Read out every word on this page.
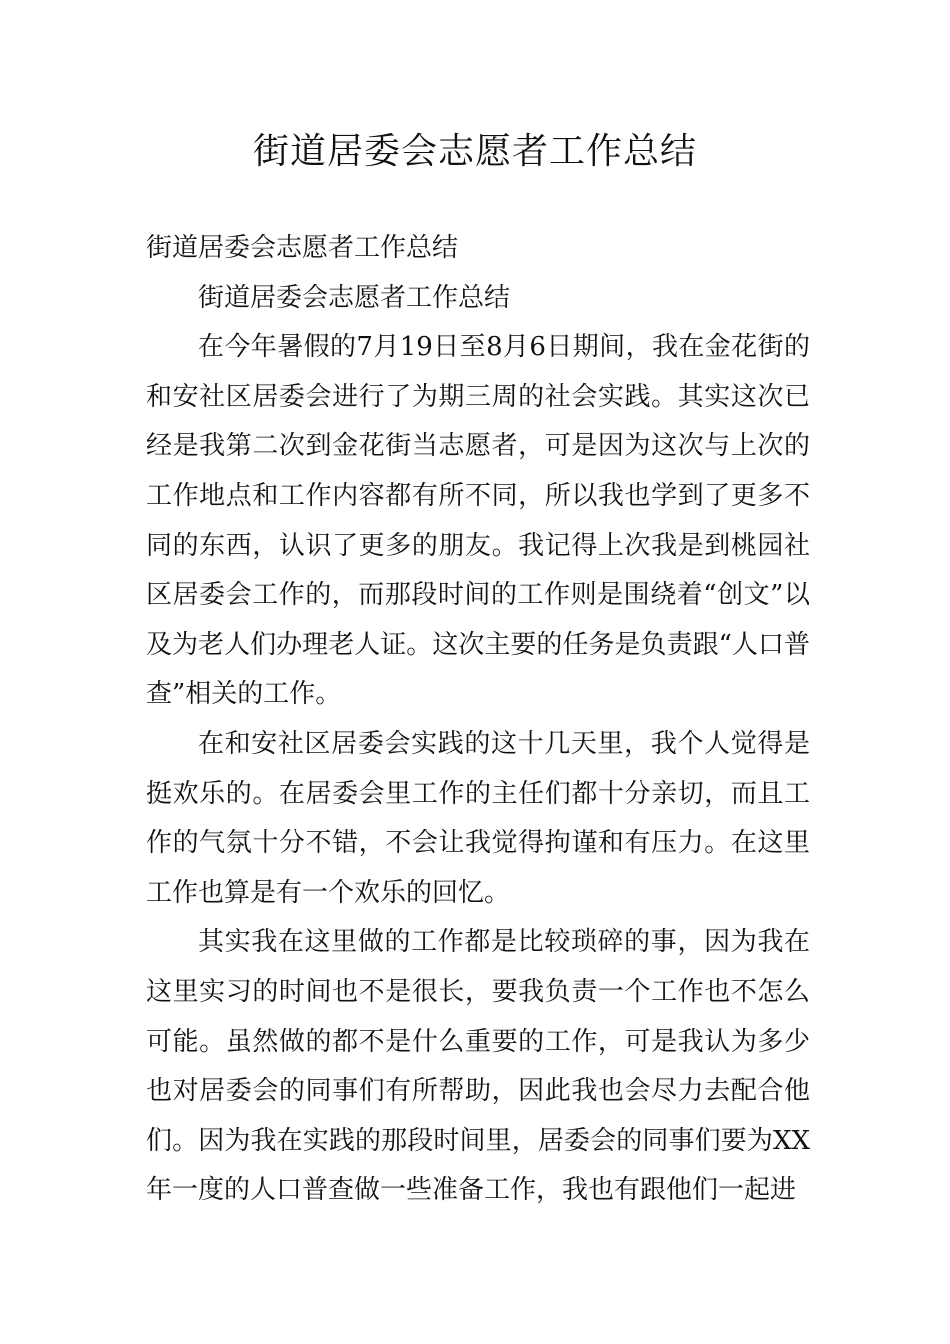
街道居委会志愿者工作总结

街道居委会志愿者工作总结

街道居委会志愿者工作总结

在今年暑假的7月19日至8月6日期间，我在金花街的和安社区居委会进行了为期三周的社会实践。其实这次已经是我第二次到金花街当志愿者，可是因为这次与上次的工作地点和工作内容都有所不同，所以我也学到了更多不同的东西，认识了更多的朋友。我记得上次我是到桃园社区居委会工作的，而那段时间的工作则是围绕着“创文”以及为老人们办理老人证。这次主要的任务是负责跟“人口普查”相关的工作。

在和安社区居委会实践的这十几天里，我个人觉得是挺欢乐的。在居委会里工作的主任们都十分亲切，而且工作的气氛十分不错，不会让我觉得拘谨和有压力。在这里工作也算是有一个欢乐的回忆。

其实我在这里做的工作都是比较琐碎的事，因为我在这里实习的时间也不是很长，要我负责一个工作也不怎么可能。虽然做的都不是什么重要的工作，可是我认为多少也对居委会的同事们有所帮助，因此我也会尽力去配合他们。因为我在实践的那段时间里，居委会的同事们要为XX年一度的人口普查做一些准备工作，我也有跟他们一起进
